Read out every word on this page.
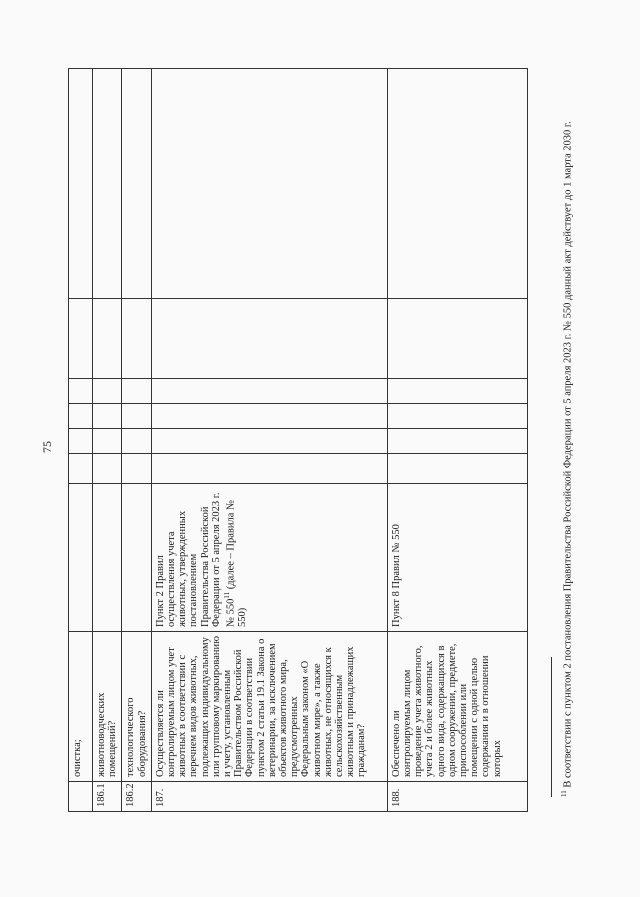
75
	очистка;							
186.1	животноводческих помещений?							
186.2	технологического оборудования?							
187.	Осуществляется ли контролируемым лицом учет животных в соответствии с перечнем видов животных, подлежащих индивидуальному или групповому маркированию и учету, установленным Правительством Российской Федерации в соответствии пунктом 2 статьи 19.1 Закона о ветеринарии, за исключением объектов животного мира, предусмотренных Федеральным законом «О животном мире», а также животных, не относящихся к сельскохозяйственным животным и принадлежащих гражданам?	Пункт 2 Правил осуществления учета животных, утвержденных постановлением Правительства Российской Федерации от 5 апреля 2023 г. № $550^{11}$ (далее – Правила № 550)						
188.	Обеспечено ли контролируемым лицом проведение учета животного, учета 2 и более животных одного вида, содержащихся в одном сооружении, предмете, приспособлении или помещении с одной целью содержания и в отношении которых	Пункт 8 Правил № 550						
$^{11}$ В соответствии с пунктом 2 постановления Правительства Российской Федерации от 5 апреля 2023 г. № 550 данный акт действует до 1 марта 2030 г.
